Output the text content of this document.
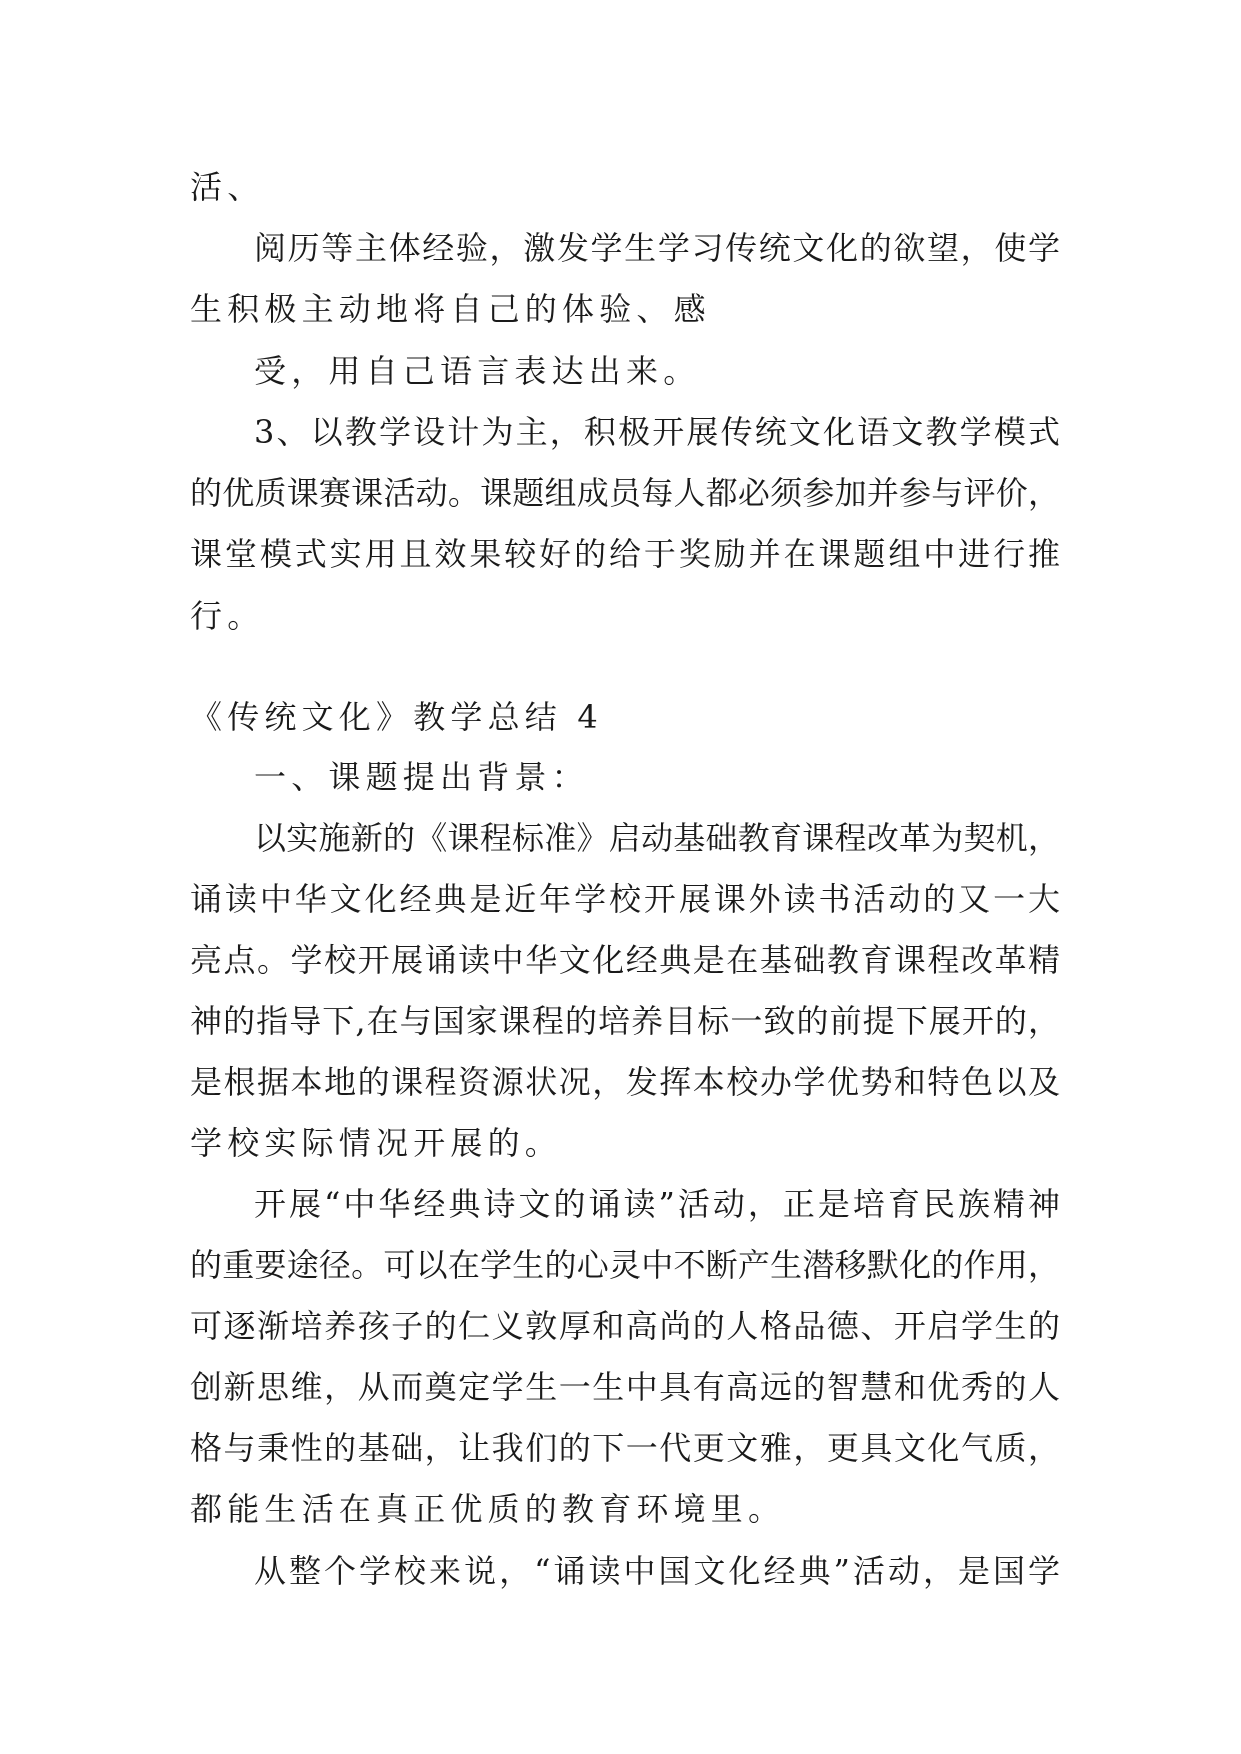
活、
阅历等主体经验，激发学生学习传统文化的欲望，使学
生积极主动地将自己的体验、感
受，用自己语言表达出来。
3、以教学设计为主，积极开展传统文化语文教学模式
的优质课赛课活动。课题组成员每人都必须参加并参与评价，
课堂模式实用且效果较好的给于奖励并在课题组中进行推
行。
《传统文化》教学总结 4
一、课题提出背景：
以实施新的《课程标准》启动基础教育课程改革为契机，
诵读中华文化经典是近年学校开展课外读书活动的又一大
亮点。学校开展诵读中华文化经典是在基础教育课程改革精
神的指导下,在与国家课程的培养目标一致的前提下展开的，
是根据本地的课程资源状况，发挥本校办学优势和特色以及
学校实际情况开展的。
开展“中华经典诗文的诵读”活动，正是培育民族精神
的重要途径。可以在学生的心灵中不断产生潜移默化的作用，
可逐渐培养孩子的仁义敦厚和高尚的人格品德、开启学生的
创新思维，从而奠定学生一生中具有高远的智慧和优秀的人
格与秉性的基础，让我们的下一代更文雅，更具文化气质，
都能生活在真正优质的教育环境里。
从整个学校来说，“诵读中国文化经典”活动，是国学
